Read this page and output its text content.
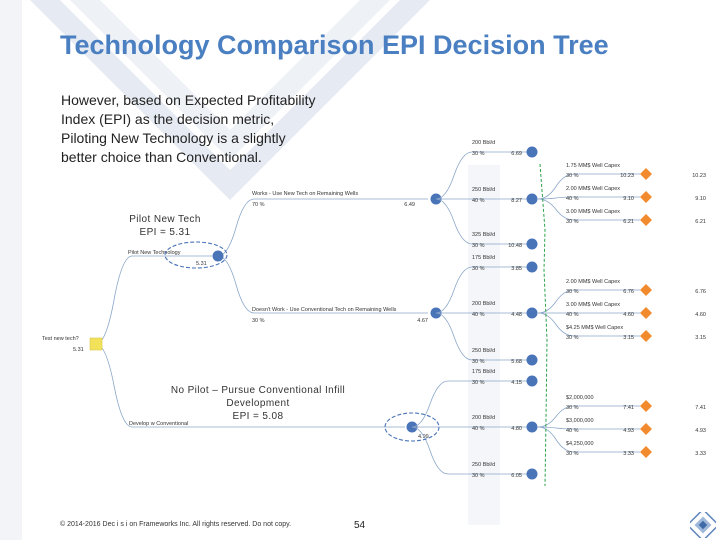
Technology Comparison EPI Decision Tree
However, based on Expected Profitability
Index (EPI) as the decision metric,
Piloting New Technology is a slightly
better choice than Conventional.
Pilot New Technology
5.31
Develop w Conventional
4.99
Works - Use New Tech on Remaining Wells
70 %	6.49
Doesn't Work - Use Conventional Tech on Remaining Wells
30 %	4.67
200 Bbl/d
30 %	6.69
250 Bbl/d
40 %	8.27
325 Bbl/d
30 %	10.48
175 Bbl/d
30 %	3.85
200 Bbl/d
40 %	4.48
250 Bbl/d
30 %	5.68
175 Bbl/d
30 %	4.15
200 Bbl/d
40 %	4.80
250 Bbl/d
30 %	6.05
1.75 MM$ Well Capex
30 %	10.23	10.23
2.00 MM$ Well Capex
40 %	9.10	9.10
3.00 MM$ Well Capex
30 %	6.21	6.21
2.00 MM$ Well Capex
30 %	6.76	6.76
3.00 MM$ Well Capex
40 %	4.60	4.60
$4.25 MM$ Well Capex
30 %	3.15	3.15
$2,000,000
30 %	7.41	7.41
$3,000,000
40 %	4.93	4.93
$4,250,000
30 %	3.33	3.33
Test new tech?
5.31
Pilot New Tech
EPI = 5.31
No Pilot – Pursue Conventional Infill
Development
EPI = 5.08
© 2014-2016 Dec i s i on Frameworks Inc. All rights reserved. Do not copy.	54
